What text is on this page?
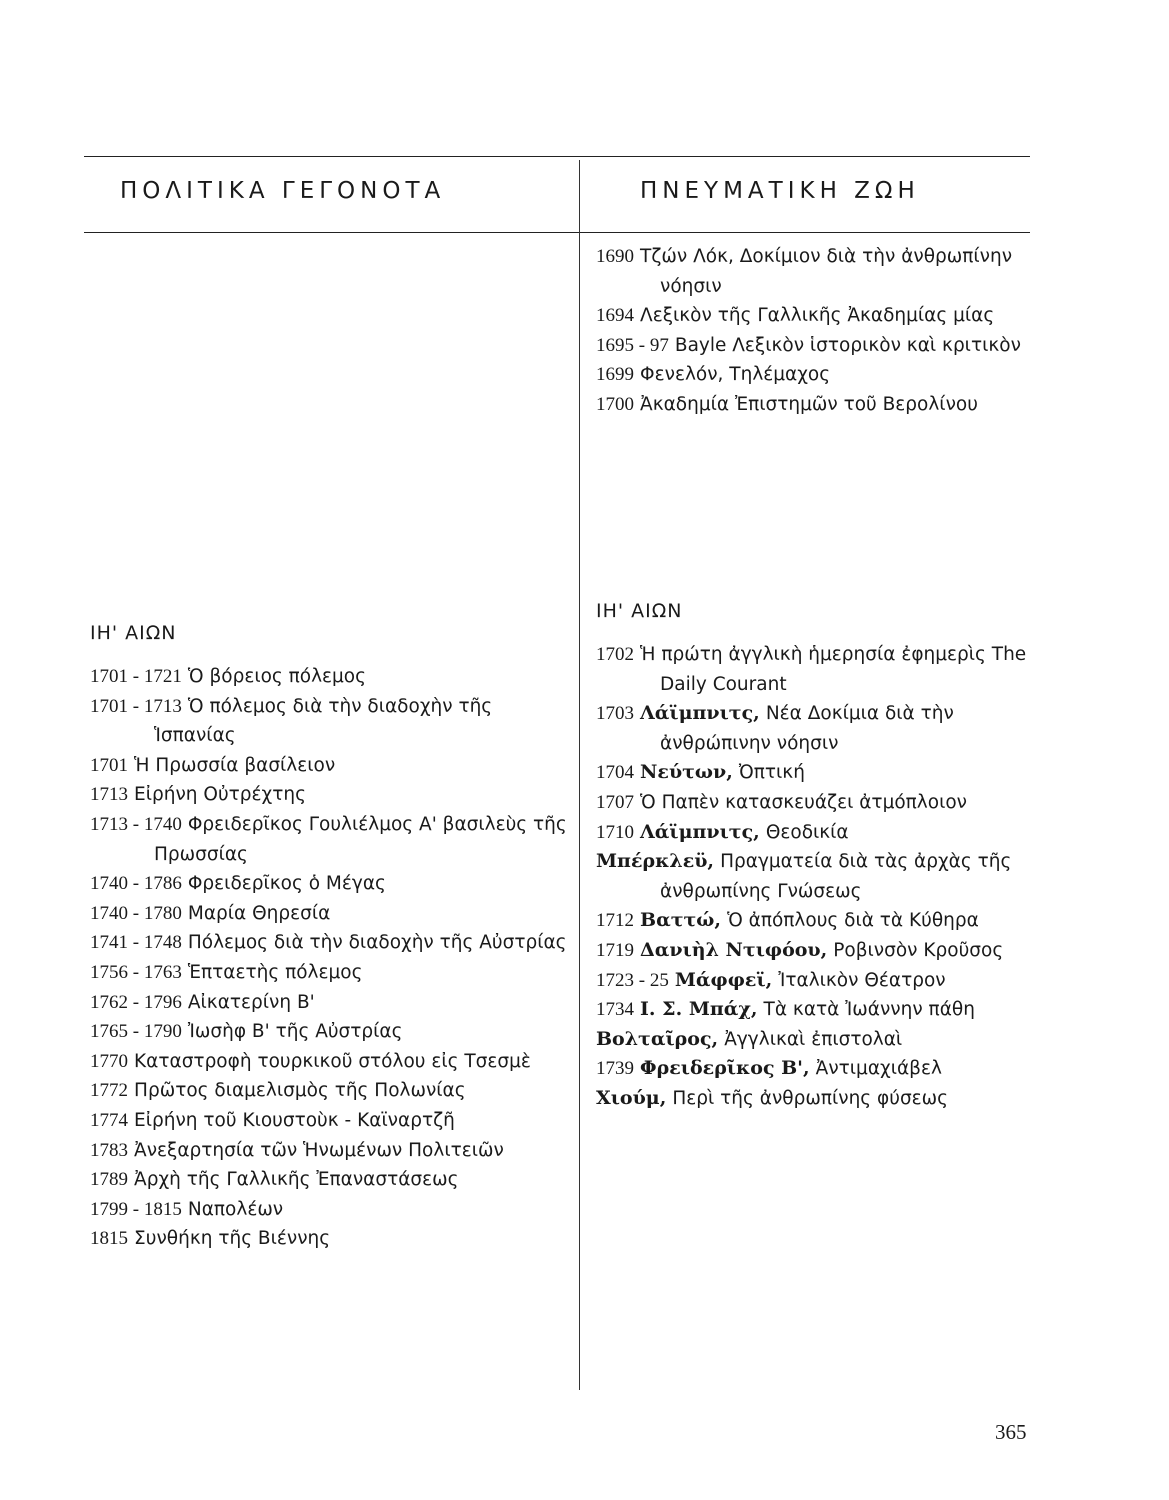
ΠΟΛΙΤΙΚΑ ΓΕΓΟΝΟΤΑ	ΠΝΕΥΜΑΤΙΚΗ ΖΩΗ
1690 Τζών Λόκ, Δοκίμιον διὰ τὴν ἀνθρωπίνην νόησιν
1694 Λεξικὸν τῆς Γαλλικῆς Ἀκαδημίας μίας
1695 - 97 Bayle Λεξικὸν ἱστορικὸν καὶ κριτικὸν
1699 Φενελόν, Τηλέμαχος
1700 Ἀκαδημία Ἐπιστημῶν τοῦ Βερολίνου
ΙΗ' ΑΙΩΝ
1701 - 1721 Ὁ βόρειος πόλεμος
1701 - 1713 Ὁ πόλεμος διὰ τὴν διαδοχὴν τῆς Ἱσπανίας
1701 Ἡ Πρωσσία βασίλειον
1713 Εἰρήνη Οὐτρέχτης
1713 - 1740 Φρειδερῖκος Γουλιέλμος Α' βασιλεὺς τῆς Πρωσσίας
1740 - 1786 Φρειδερῖκος ὁ Μέγας
1740 - 1780 Μαρία Θηρεσία
1741 - 1748 Πόλεμος διὰ τὴν διαδοχὴν τῆς Αὐστρίας
1756 - 1763 Ἑπταετὴς πόλεμος
1762 - 1796 Αἰκατερίνη Β'
1765 - 1790 Ἰωσὴφ Β' τῆς Αὐστρίας
1770 Καταστροφὴ τουρκικοῦ στόλου εἰς Τσεσμὲ
1772 Πρῶτος διαμελισμὸς τῆς Πολωνίας
1774 Εἰρήνη τοῦ Κιουστοὺκ - Καϊναρτζῆ
1783 Ἀνεξαρτησία τῶν Ἡνωμένων Πολιτειῶν
1789 Ἀρχὴ τῆς Γαλλικῆς Ἐπαναστάσεως
1799 - 1815 Ναπολέων
1815 Συνθήκη τῆς Βιέννης
ΙΗ' ΑΙΩΝ
1702 Ἡ πρώτη ἀγγλικὴ ἡμερησία ἐφημερὶς The Daily Courant
1703 Λάϊμπνιτς, Νέα Δοκίμια διὰ τὴν ἀνθρώπινην νόησιν
1704 Νεύτων, Ὀπτική
1707 Ὁ Παπὲν κατασκευάζει ἀτμόπλοιον
1710 Λάϊμπνιτς, Θεοδικία
Μπέρκλεϋ, Πραγματεία διὰ τὰς ἀρχὰς τῆς ἀνθρωπίνης Γνώσεως
1712 Βαττώ, Ὁ ἀπόπλους διὰ τὰ Κύθηρα
1719 Δανιὴλ Ντιφόου, Ροβινσὸν Κροῦσος
1723 - 25 Μάφφεϊ, Ἰταλικὸν Θέατρον
1734 Ι. Σ. Μπάχ, Τὰ κατὰ Ἰωάννην πάθη
Βολταῖρος, Ἀγγλικαὶ ἐπιστολαὶ
1739 Φρειδερῖκος Β', Ἀντιμαχιάβελ
Χιούμ, Περὶ τῆς ἀνθρωπίνης φύσεως
365
